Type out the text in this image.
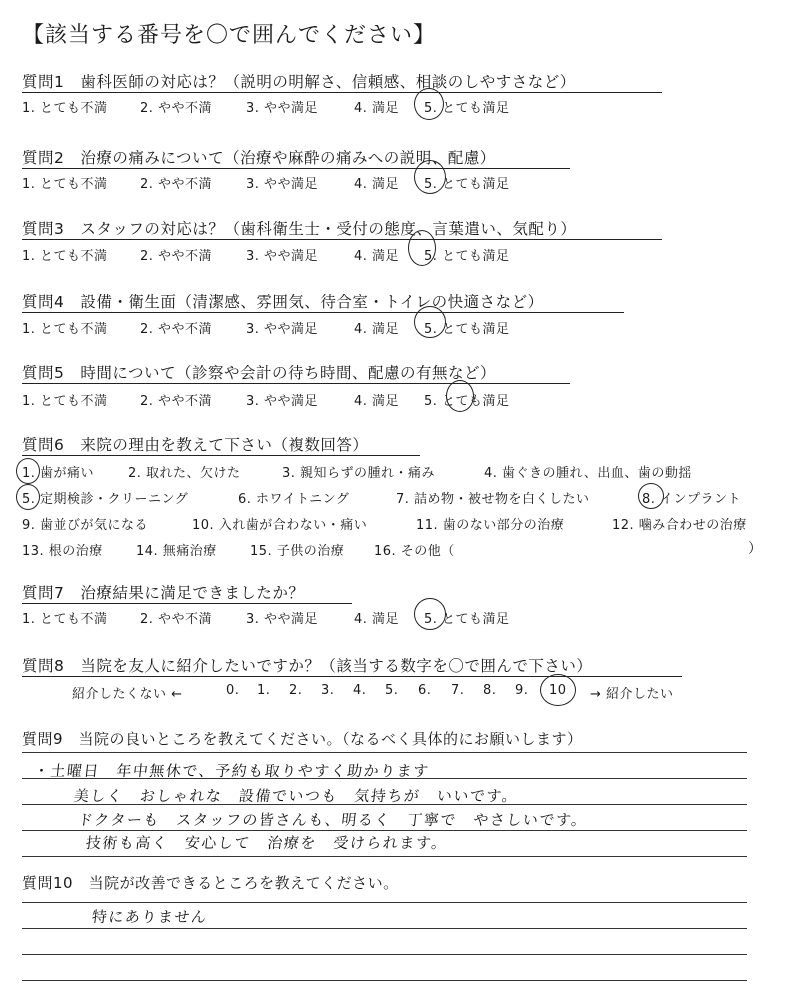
【該当する番号を〇で囲んでください】
質問1　歯科医師の対応は？（説明の明解さ、信頼感、相談のしやすさなど）
1. とても不満 2. やや不満	3. やや満足	4. 満足 5. とても満足
質問2　治療の痛みについて（治療や麻酔の痛みへの説明、配慮）
1. とても不満 2. やや不満	3. やや満足	4. 満足 5. とても満足
質問3　スタッフの対応は？（歯科衛生士・受付の態度、言葉遣い、気配り）
1. とても不満 2. やや不満	3. やや満足	4. 満足 5. とても満足
質問4　設備・衛生面（清潔感、雰囲気、待合室・トイレの快適さなど）
1. とても不満 2. やや不満	3. やや満足	4. 満足 5. とても満足
質問5　時間について（診察や会計の待ち時間、配慮の有無など）
1. とても不満 2. やや不満	3. やや満足	4. 満足 5. とても満足
質問6　来院の理由を教えて下さい（複数回答）
1. 歯が痛い	2. 取れた、欠けた	3. 親知らずの腫れ・痛み	4. 歯ぐきの腫れ、出血、歯の動揺
5. 定期検診・クリーニング	6. ホワイトニング	7. 詰め物・被せ物を白くしたい	8. インプラント
9. 歯並びが気になる	10. 入れ歯が合わない・痛い	11. 歯のない部分の治療	12. 噛み合わせの治療
13. 根の治療	14. 無痛治療	15. 子供の治療 16. その他（	）
質問7　治療結果に満足できましたか？
1. とても不満 2. やや不満	3. やや満足	4. 満足 5. とても満足
質問8　当院を友人に紹介したいですか？（該当する数字を〇で囲んで下さい）
紹介したくない ←	0. 1. 2. 3. 4. 5. 6. 7. 8. 9. 10 → 紹介したい
質問9　当院の良いところを教えてください。（なるべく具体的にお願いします）
・土曜日　年中無休で、予約も取りやすく助かります
美しく　おしゃれな　設備でいつも　気持ちが　いいです。
ドクターも　スタッフの皆さんも、明るく　丁寧で　やさしいです。
技術も高く　安心して　治療を　受けられます。
質問10　当院が改善できるところを教えてください。
特にありません
